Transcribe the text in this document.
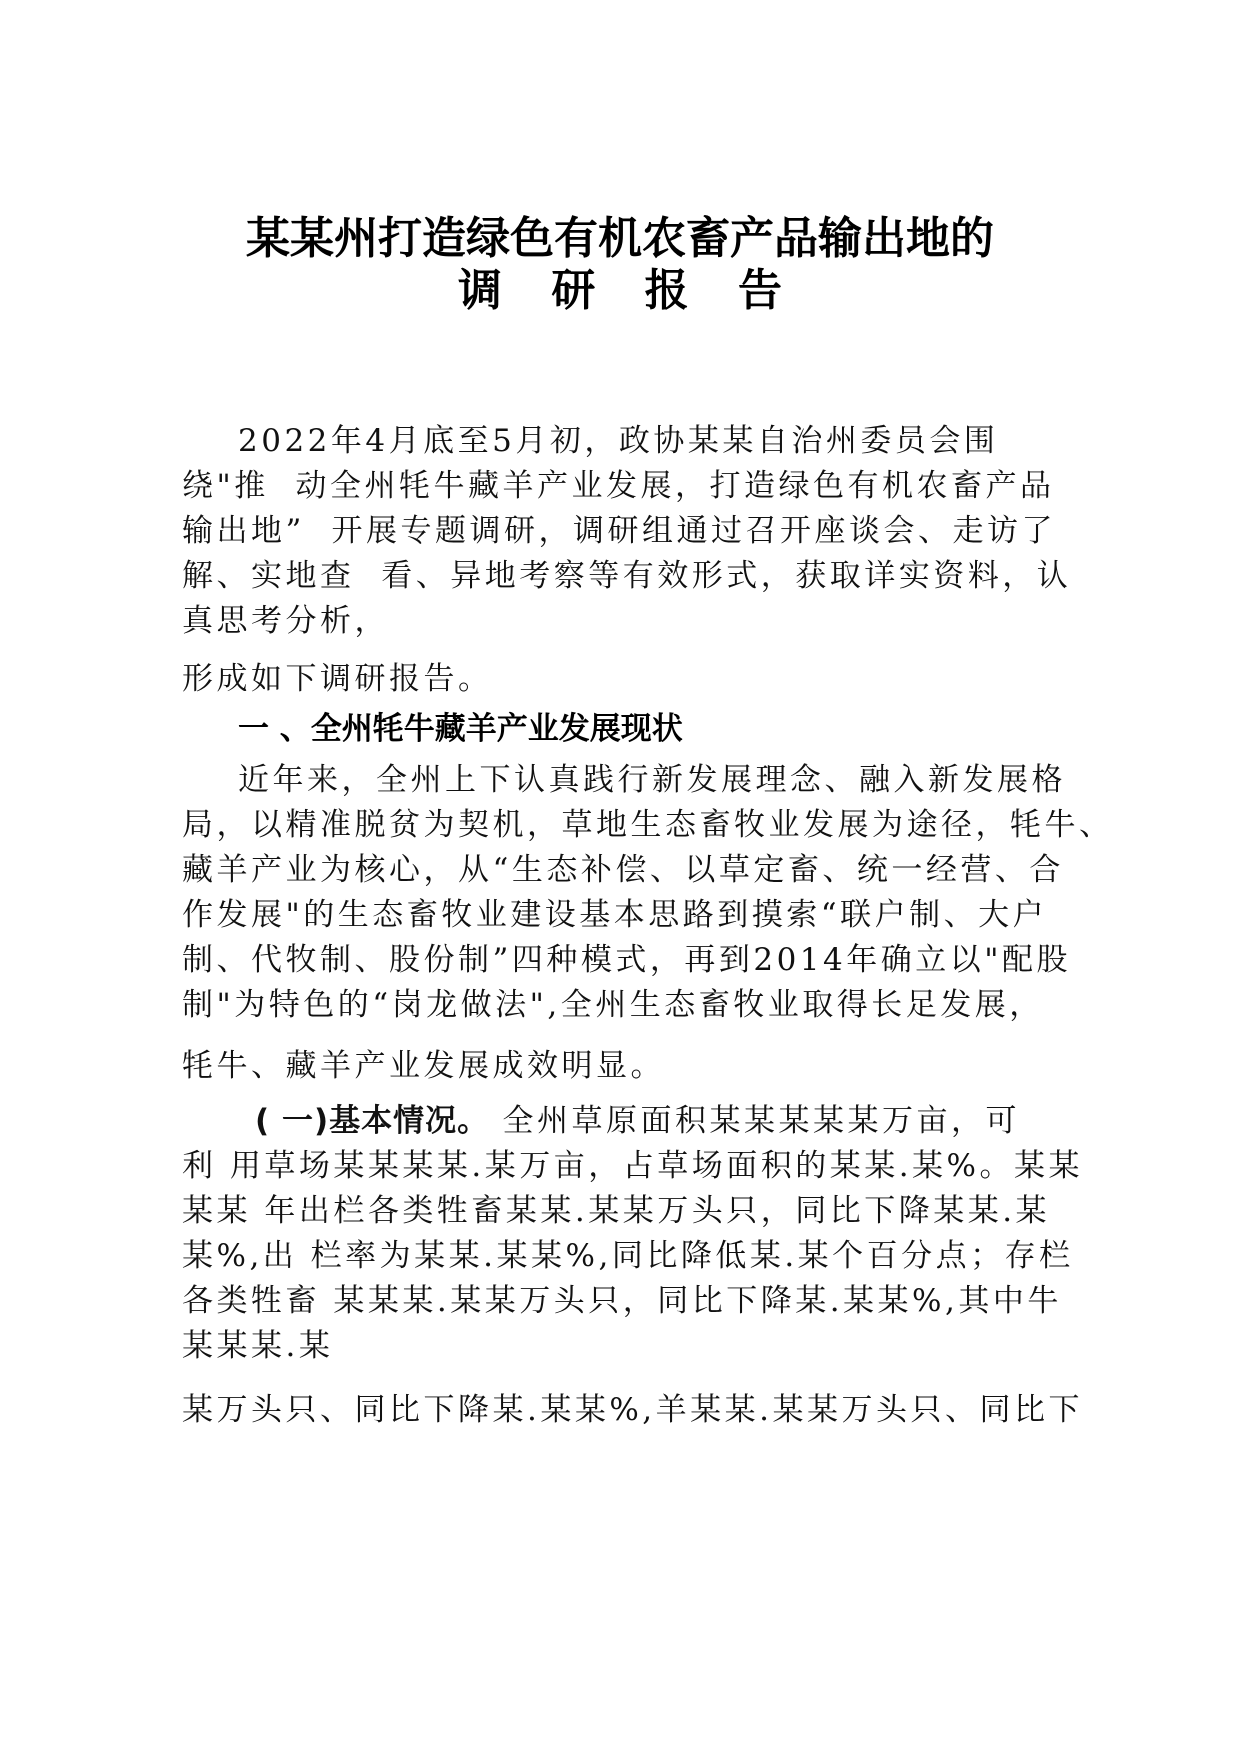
某某州打造绿色有机农畜产品输出地的
调 研 报 告
2022年4月底至5月初，政协某某自治州委员会围
绕"推  动全州牦牛藏羊产业发展，打造绿色有机农畜产品
输出地”  开展专题调研，调研组通过召开座谈会、走访了
解、实地查  看、异地考察等有效形式，获取详实资料，认
真思考分析，
形成如下调研报告。
一 、全州牦牛藏羊产业发展现状
近年来，全州上下认真践行新发展理念、融入新发展格
局，以精准脱贫为契机，草地生态畜牧业发展为途径，牦牛、
藏羊产业为核心，从“生态补偿、以草定畜、统一经营、合
作发展"的生态畜牧业建设基本思路到摸索“联户制、大户
制、代牧制、股份制”四种模式，再到2014年确立以"配股
制"为特色的“岗龙做法",全州生态畜牧业取得长足发展，
牦牛、藏羊产业发展成效明显。
( 一)基本情况。 全州草原面积某某某某某万亩，可
利 用草场某某某某.某万亩，占草场面积的某某.某%。某某
某某 年出栏各类牲畜某某.某某万头只，同比下降某某.某
某%,出 栏率为某某.某某%,同比降低某.某个百分点；存栏
各类牲畜 某某某.某某万头只，同比下降某.某某%,其中牛
某某某.某
某万头只、同比下降某.某某%,羊某某.某某万头只、同比下
